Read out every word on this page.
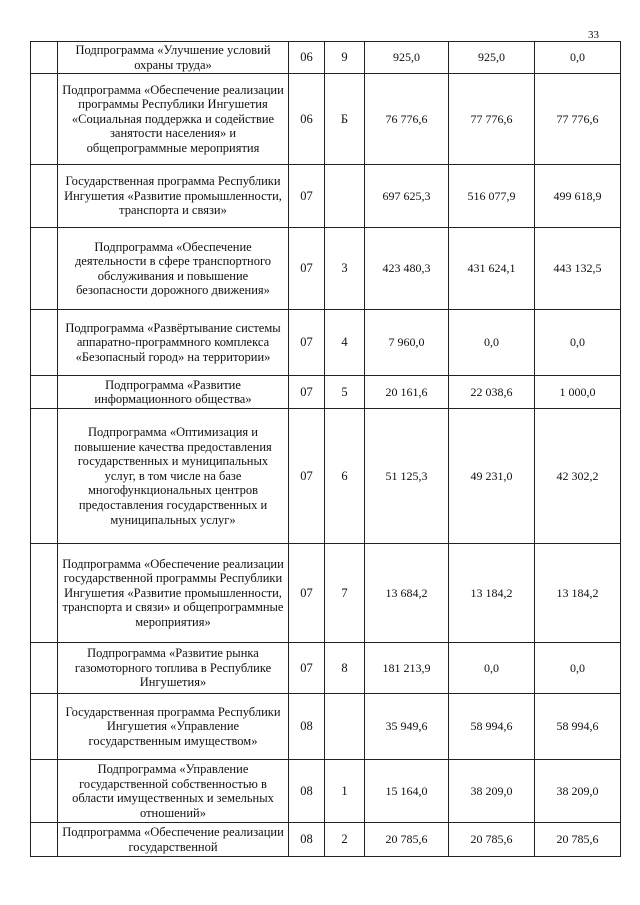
33

	Подпрограмма «Улучшение условий охраны труда»	06	9	925,0	925,0	0,0

	Подпрограмма «Обеспечение реализации программы Республики Ингушетия «Социальная поддержка и содействие занятости населения» и общепрограммные мероприятия	06	Б	76 776,6	77 776,6	77 776,6

	Государственная программа Республики Ингушетия «Развитие промышленности, транспорта и связи»	07		697 625,3	516 077,9	499 618,9

	Подпрограмма «Обеспечение деятельности в сфере транспортного обслуживания и повышение безопасности дорожного движения»	07	3	423 480,3	431 624,1	443 132,5

	Подпрограмма «Развёртывание системы аппаратно-программного комплекса «Безопасный город» на территории»	07	4	7 960,0	0,0	0,0

	Подпрограмма «Развитие информационного общества»	07	5	20 161,6	22 038,6	1 000,0

	Подпрограмма «Оптимизация и повышение качества предоставления государственных и муниципальных услуг, в том числе на базе многофункциональных центров предоставления государственных и муниципальных услуг»	07	6	51 125,3	49 231,0	42 302,2

	Подпрограмма «Обеспечение реализации государственной программы Республики Ингушетия «Развитие промышленности, транспорта и связи» и общепрограммные мероприятия»	07	7	13 684,2	13 184,2	13 184,2

	Подпрограмма «Развитие рынка газомоторного топлива в Республике Ингушетия»	07	8	181 213,9	0,0	0,0

	Государственная программа Республики Ингушетия «Управление государственным имуществом»	08		35 949,6	58 994,6	58 994,6

	Подпрограмма «Управление государственной собственностью в области имущественных и земельных отношений»	08	1	15 164,0	38 209,0	38 209,0

	Подпрограмма «Обеспечение реализации государственной	08	2	20 785,6	20 785,6	20 785,6
